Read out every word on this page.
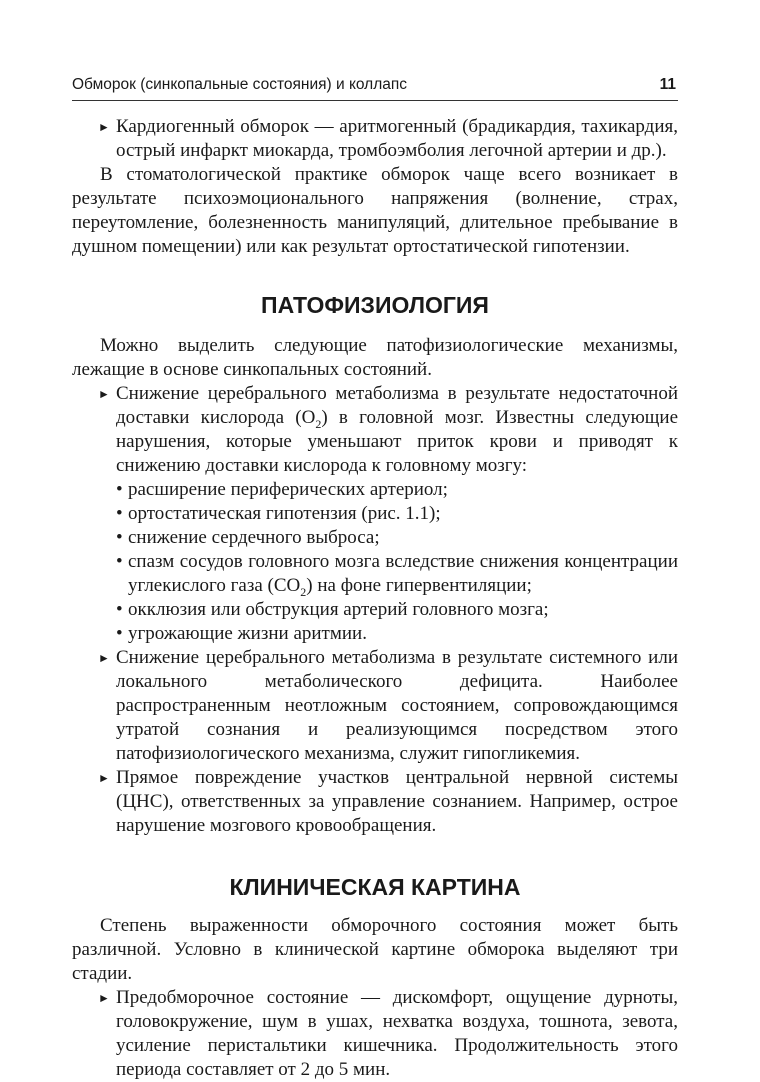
Обморок (синкопальные состояния) и коллапс	11

► Кардиогенный обморок — аритмогенный (брадикардия, тахикардия, острый инфаркт миокарда, тромбоэмболия легочной артерии и др.).

В стоматологической практике обморок чаще всего возникает в результате психоэмоционального напряжения (волнение, страх, переутомление, болезненность манипуляций, длительное пребывание в душном помещении) или как результат ортостатической гипотензии.

ПАТОФИЗИОЛОГИЯ

Можно выделить следующие патофизиологические механизмы, лежащие в основе синкопальных состояний.

► Снижение церебрального метаболизма в результате недостаточной доставки кислорода $(O_2)$ в головной мозг. Известны следующие нарушения, которые уменьшают приток крови и приводят к снижению доставки кислорода к головному мозгу:

• расширение периферических артериол;

• ортостатическая гипотензия (рис. 1.1);

• снижение сердечного выброса;

• спазм сосудов головного мозга вследствие снижения концентрации углекислого газа $(CO_2)$ на фоне гипервентиляции;

• окклюзия или обструкция артерий головного мозга;

• угрожающие жизни аритмии.

► Снижение церебрального метаболизма в результате системного или локального метаболического дефицита. Наиболее распространенным неотложным состоянием, сопровождающимся утратой сознания и реализующимся посредством этого патофизиологического механизма, служит гипогликемия.

► Прямое повреждение участков центральной нервной системы (ЦНС), ответственных за управление сознанием. Например, острое нарушение мозгового кровообращения.

КЛИНИЧЕСКАЯ КАРТИНА

Степень выраженности обморочного состояния может быть различной. Условно в клинической картине обморока выделяют три стадии.

► Предобморочное состояние — дискомфорт, ощущение дурноты, головокружение, шум в ушах, нехватка воздуха, тошнота, зевота, усиление перистальтики кишечника. Продолжительность этого периода составляет от 2 до 5 мин.
